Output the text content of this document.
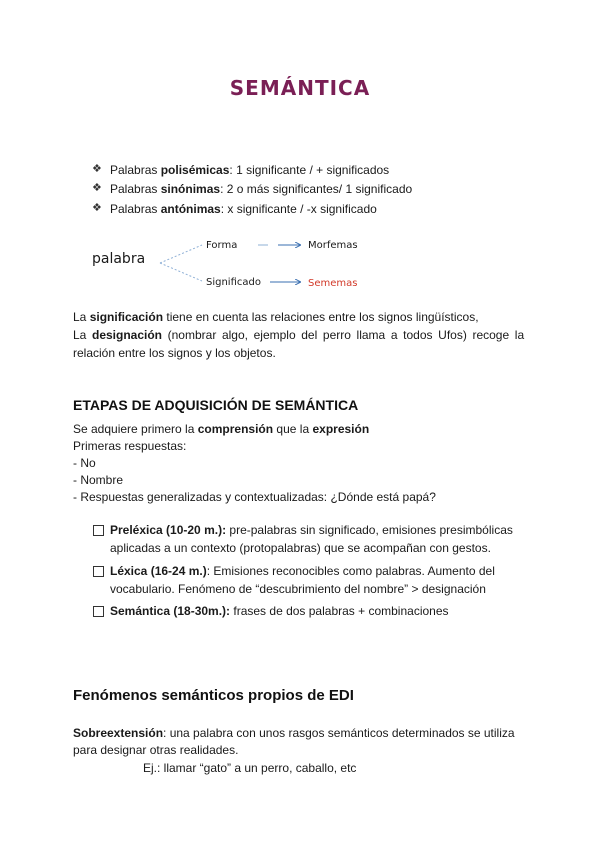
SEMÁNTICA
❖ Palabras polisémicas: 1 significante / + significados
❖ Palabras sinónimas: 2 o más significantes/ 1 significado
❖ Palabras antónimas: x significante / -x significado
palabra
Forma	Morfemas
Significado	Sememas
La significación tiene en cuenta las relaciones entre los signos lingüísticos,
La designación (nombrar algo, ejemplo del perro llama a todos Ufos) recoge la
relación entre los signos y los objetos.
ETAPAS DE ADQUISICIÓN DE SEMÁNTICA
Se adquiere primero la comprensión que la expresión
Primeras respuestas:
- No
- Nombre
- Respuestas generalizadas y contextualizadas: ¿Dónde está papá?
Preléxica (10-20 m.): pre-palabras sin significado, emisiones presimbólicas
aplicadas a un contexto (protopalabras) que se acompañan con gestos.
Léxica (16-24 m.): Emisiones reconocibles como palabras. Aumento del
vocabulario. Fenómeno de “descubrimiento del nombre” > designación
Semántica (18-30m.): frases de dos palabras + combinaciones
Fenómenos semánticos propios de EDI
Sobreextensión: una palabra con unos rasgos semánticos determinados se utiliza
para designar otras realidades.
Ej.: llamar “gato” a un perro, caballo, etc
